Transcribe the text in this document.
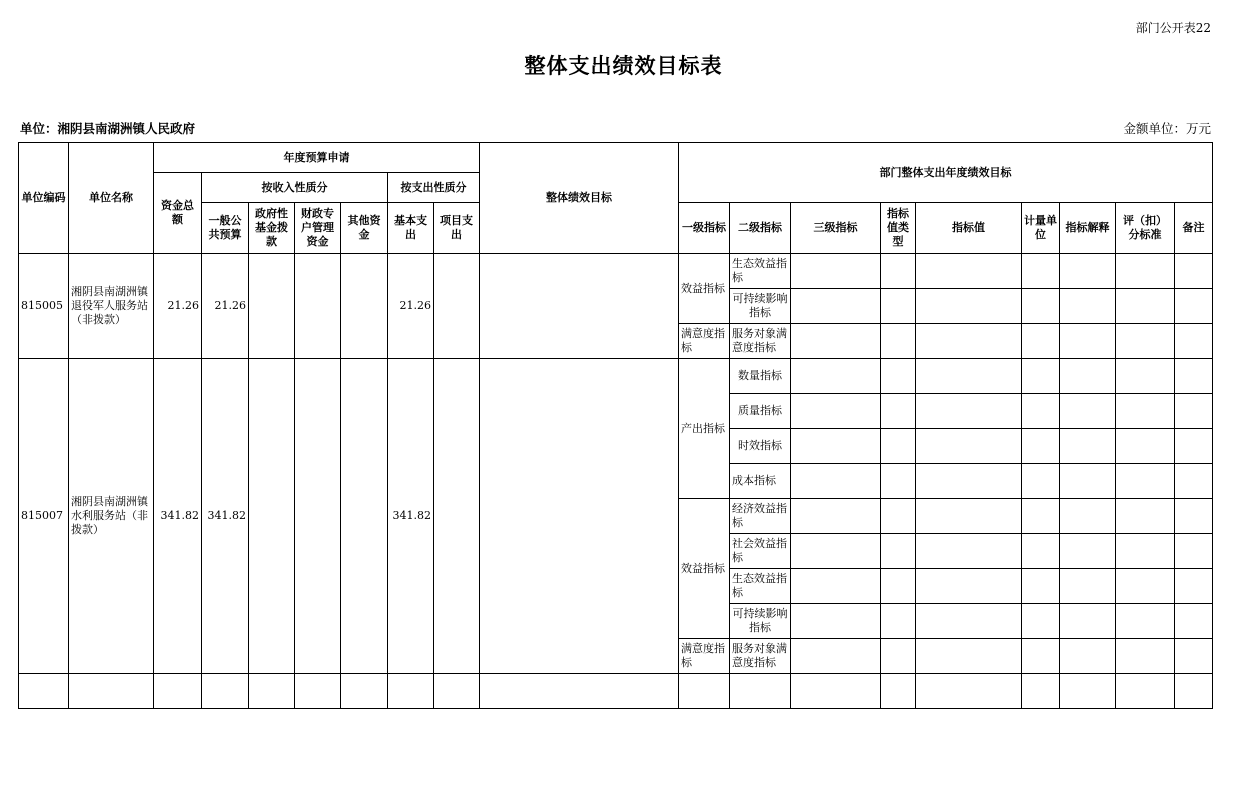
部门公开表22
整体支出绩效目标表
单位：湘阴县南湖洲镇人民政府	金额单位：万元
单位编码	单位名称	年度预算申请							整体绩效目标	部门整体支出年度绩效目标								
		资金总额	按收入性质分				按支出性质分											
			一般公共预算	政府性基金拨款	财政专户管理资金	其他资金	基本支出	项目支出		一级指标	二级指标	三级指标	指标值类型	指标值	计量单位	指标解释	评（扣）分标准	备注
815005	湘阴县南湖洲镇退役军人服务站（非拨款）	21.26	21.26				21.26			效益指标	生态效益指标							
											可持续影响指标							
										满意度指标	服务对象满意度指标							
815007	湘阴县南湖洲镇水利服务站（非拨款）	341.82	341.82				341.82			产出指标	数量指标							
											质量指标							
											时效指标							
											成本指标							
										效益指标	经济效益指标							
											社会效益指标							
											生态效益指标							
											可持续影响指标							
										满意度指标	服务对象满意度指标							
